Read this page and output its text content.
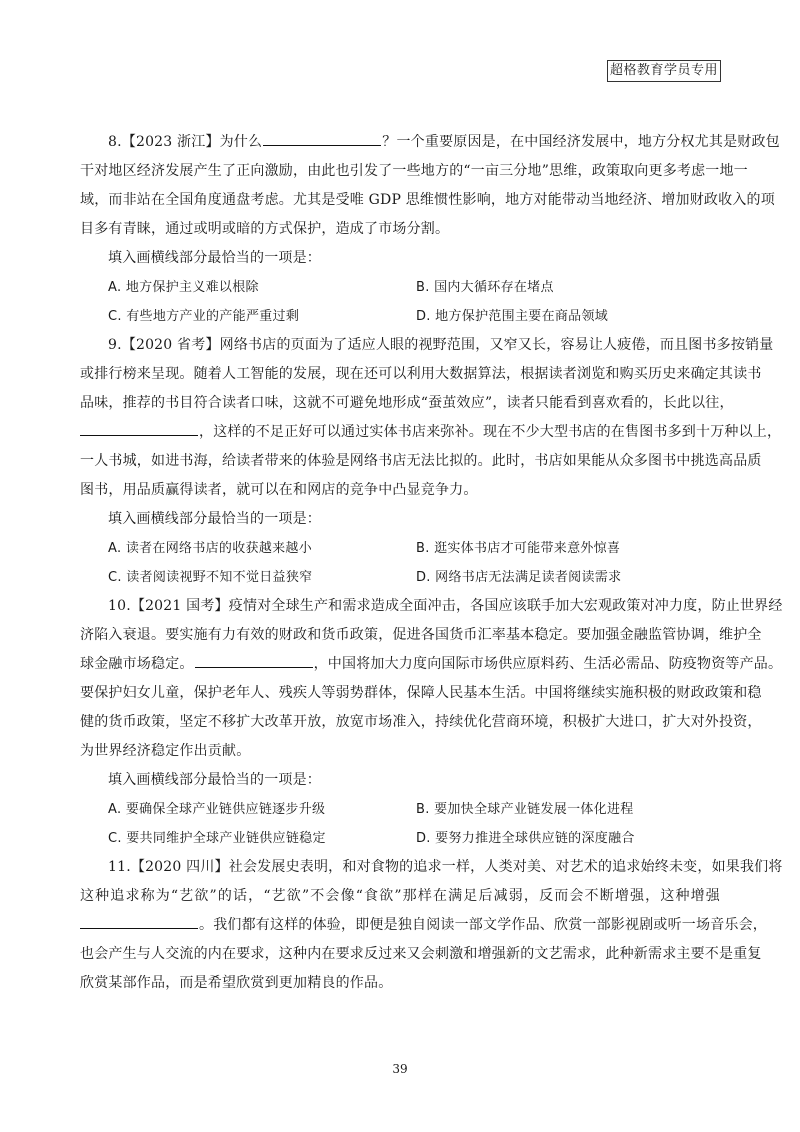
超格教育学员专用
8.【2023 浙江】为什么	？一个重要原因是，在中国经济发展中，地方分权尤其是财政包
干对地区经济发展产生了正向激励，由此也引发了一些地方的“一亩三分地”思维，政策取向更多考虑一地一
域，而非站在全国角度通盘考虑。尤其是受唯 GDP 思维惯性影响，地方对能带动当地经济、增加财政收入的项
目多有青睐，通过或明或暗的方式保护，造成了市场分割。
填入画横线部分最恰当的一项是：
A. 地方保护主义难以根除	B. 国内大循环存在堵点
C. 有些地方产业的产能严重过剩	D. 地方保护范围主要在商品领域
9.【2020 省考】网络书店的页面为了适应人眼的视野范围，又窄又长，容易让人疲倦，而且图书多按销量
或排行榜来呈现。随着人工智能的发展，现在还可以利用大数据算法，根据读者浏览和购买历史来确定其读书
品味，推荐的书目符合读者口味，这就不可避免地形成“蚕茧效应”，读者只能看到喜欢看的，长此以往，
，这样的不足正好可以通过实体书店来弥补。现在不少大型书店的在售图书多到十万种以上，
一人书城，如进书海，给读者带来的体验是网络书店无法比拟的。此时，书店如果能从众多图书中挑选高品质
图书，用品质赢得读者，就可以在和网店的竞争中凸显竞争力。
填入画横线部分最恰当的一项是：
A. 读者在网络书店的收获越来越小	B. 逛实体书店才可能带来意外惊喜
C. 读者阅读视野不知不觉日益狭窄	D. 网络书店无法满足读者阅读需求
10.【2021 国考】疫情对全球生产和需求造成全面冲击，各国应该联手加大宏观政策对冲力度，防止世界经
济陷入衰退。要实施有力有效的财政和货币政策，促进各国货币汇率基本稳定。要加强金融监管协调，维护全
球金融市场稳定。	，中国将加大力度向国际市场供应原料药、生活必需品、防疫物资等产品。
要保护妇女儿童，保护老年人、残疾人等弱势群体，保障人民基本生活。中国将继续实施积极的财政政策和稳
健的货币政策，坚定不移扩大改革开放，放宽市场准入，持续优化营商环境，积极扩大进口，扩大对外投资，
为世界经济稳定作出贡献。
填入画横线部分最恰当的一项是：
A. 要确保全球产业链供应链逐步升级	B. 要加快全球产业链发展一体化进程
C. 要共同维护全球产业链供应链稳定	D. 要努力推进全球供应链的深度融合
11.【2020 四川】社会发展史表明，和对食物的追求一样，人类对美、对艺术的追求始终未变，如果我们将
这种追求称为“艺欲”的话，“艺欲”不会像“食欲”那样在满足后减弱，反而会不断增强，这种增强
。我们都有这样的体验，即便是独自阅读一部文学作品、欣赏一部影视剧或听一场音乐会，
也会产生与人交流的内在要求，这种内在要求反过来又会刺激和增强新的文艺需求，此种新需求主要不是重复
欣赏某部作品，而是希望欣赏到更加精良的作品。
39
